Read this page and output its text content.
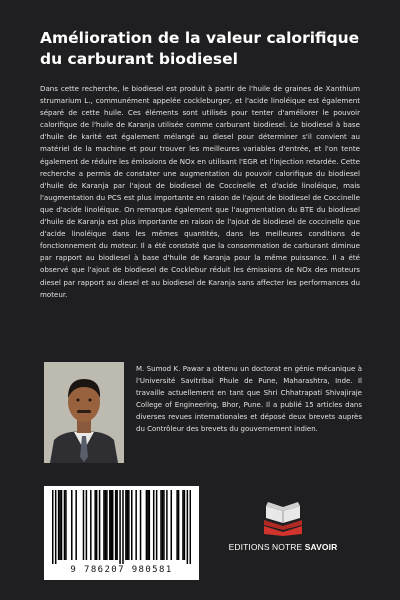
Amélioration de la valeur calorifique du carburant biodiesel
Dans cette recherche, le biodiesel est produit à partir de l'huile de graines de Xanthium strumarium L., communément appelée cockleburger, et l'acide linoléique est également séparé de cette huile. Ces éléments sont utilisés pour tenter d'améliorer le pouvoir calorifique de l'huile de Karanja utilisée comme carburant biodiesel. Le biodiesel à base d'huile de karité est également mélangé au diesel pour déterminer s'il convient au matériel de la machine et pour trouver les meilleures variables d'entrée, et l'on tente également de réduire les émissions de NOx en utilisant l'EGR et l'injection retardée. Cette recherche a permis de constater une augmentation du pouvoir calorifique du biodiesel d'huile de Karanja par l'ajout de biodiesel de Coccinelle et d'acide linoléique, mais l'augmentation du PCS est plus importante en raison de l'ajout de biodiesel de Coccinelle que d'acide linoléique. On remarque également que l'augmentation du BTE du biodiesel d'huile de Karanja est plus importante en raison de l'ajout de biodiesel de coccinelle que d'acide linoléique dans les mêmes quantités, dans les meilleures conditions de fonctionnement du moteur. Il a été constaté que la consommation de carburant diminue par rapport au biodiesel à base d'huile de Karanja pour la même puissance. Il a été observé que l'ajout de biodiesel de Cocklebur réduit les émissions de NOx des moteurs diesel par rapport au diesel et au biodiesel de Karanja sans affecter les performances du moteur.
M. Sumod K. Pawar a obtenu un doctorat en génie mécanique à l'Université Savitribai Phule de Pune, Maharashtra, Inde. Il travaille actuellement en tant que Shri Chhatrapati Shivajiraje College of Engineering, Bhor, Pune. Il a publié 15 articles dans diverses revues internationales et déposé deux brevets auprès du Contrôleur des brevets du gouvernement indien.
9 786207 980581
EDITIONS NOTRE SAVOIR
